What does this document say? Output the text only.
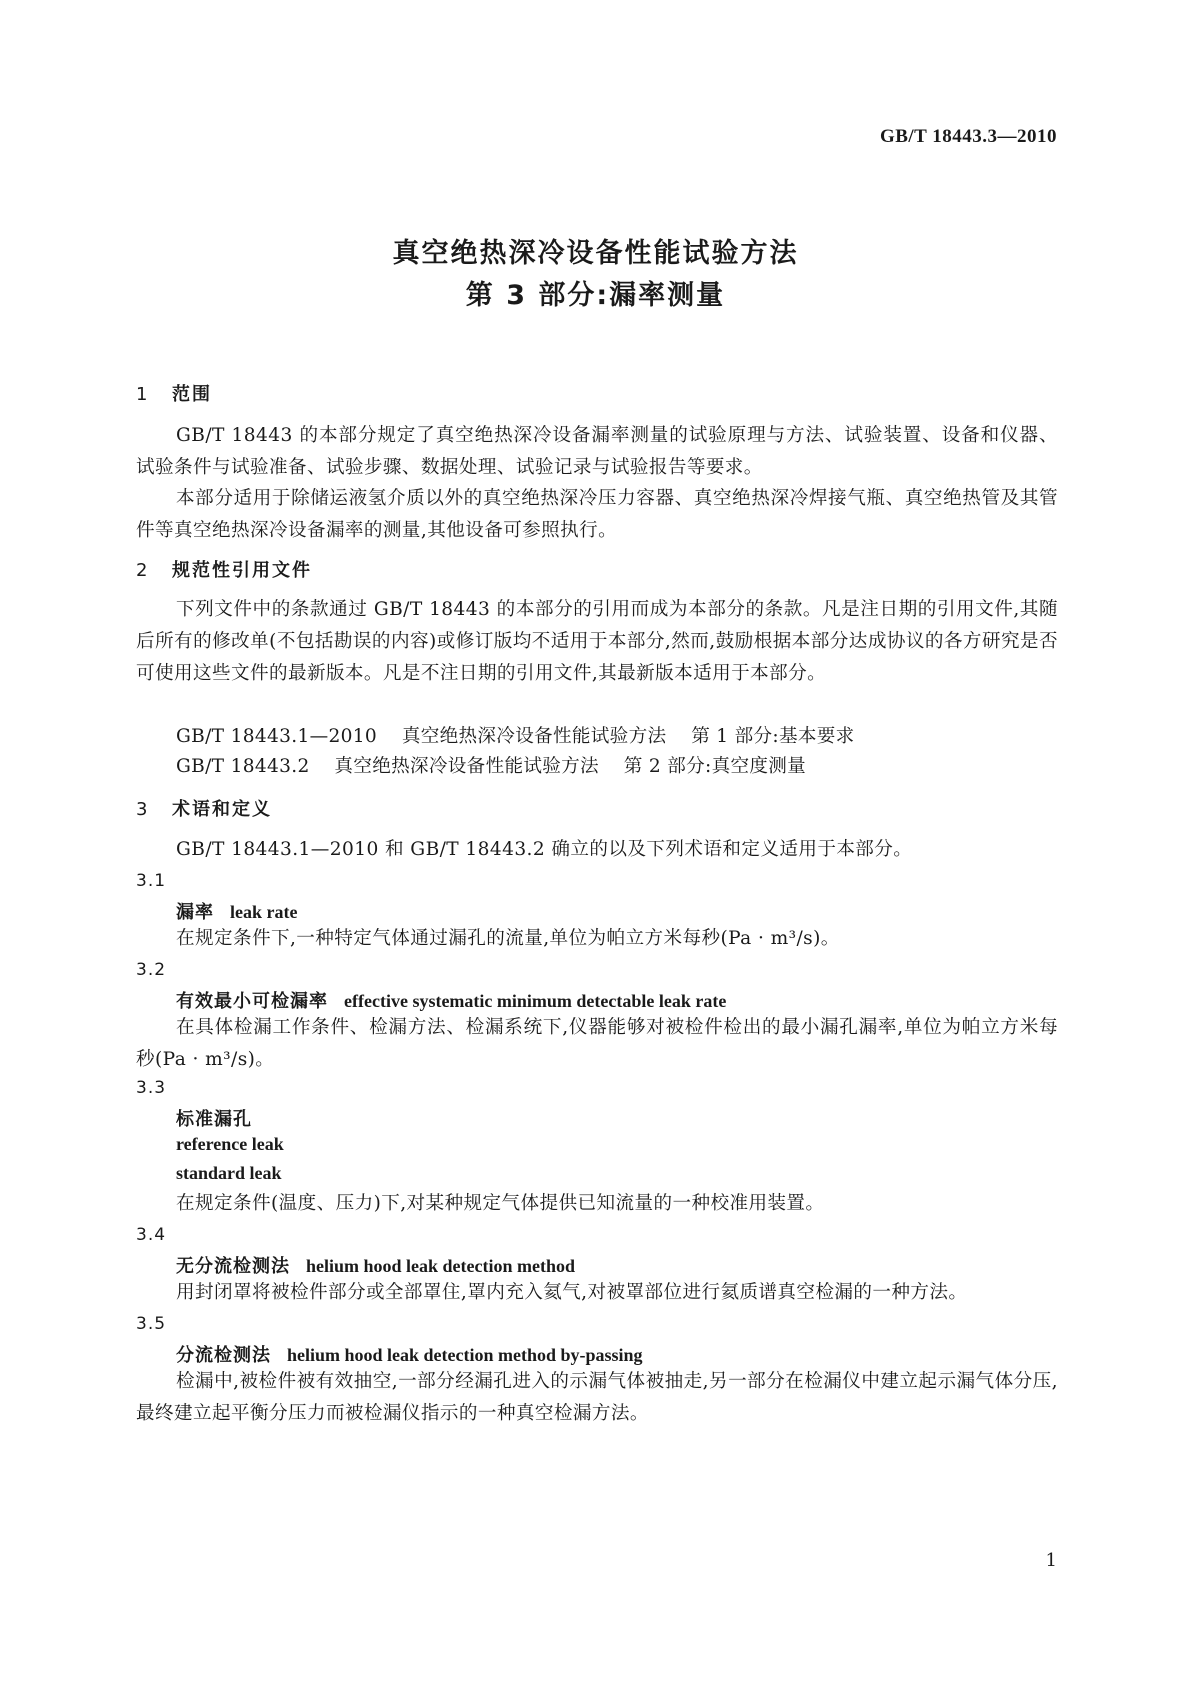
GB/T 18443.3—2010
真空绝热深冷设备性能试验方法
第 3 部分:漏率测量
1 范围
GB/T 18443 的本部分规定了真空绝热深冷设备漏率测量的试验原理与方法、试验装置、设备和仪器、试验条件与试验准备、试验步骤、数据处理、试验记录与试验报告等要求。
本部分适用于除储运液氢介质以外的真空绝热深冷压力容器、真空绝热深冷焊接气瓶、真空绝热管及其管件等真空绝热深冷设备漏率的测量,其他设备可参照执行。
2 规范性引用文件
下列文件中的条款通过 GB/T 18443 的本部分的引用而成为本部分的条款。凡是注日期的引用文件,其随后所有的修改单(不包括勘误的内容)或修订版均不适用于本部分,然而,鼓励根据本部分达成协议的各方研究是否可使用这些文件的最新版本。凡是不注日期的引用文件,其最新版本适用于本部分。
GB/T 18443.1—2010    真空绝热深冷设备性能试验方法    第 1 部分:基本要求
GB/T 18443.2    真空绝热深冷设备性能试验方法    第 2 部分:真空度测量
3 术语和定义
GB/T 18443.1—2010 和 GB/T 18443.2 确立的以及下列术语和定义适用于本部分。
3.1
漏率 leak rate
在规定条件下,一种特定气体通过漏孔的流量,单位为帕立方米每秒(Pa · m³/s)。
3.2
有效最小可检漏率 effective systematic minimum detectable leak rate
在具体检漏工作条件、检漏方法、检漏系统下,仪器能够对被检件检出的最小漏孔漏率,单位为帕立方米每秒(Pa · m³/s)。
3.3
标准漏孔
reference leak
standard leak
在规定条件(温度、压力)下,对某种规定气体提供已知流量的一种校准用装置。
3.4
无分流检测法 helium hood leak detection method
用封闭罩将被检件部分或全部罩住,罩内充入氦气,对被罩部位进行氦质谱真空检漏的一种方法。
3.5
分流检测法 helium hood leak detection method by-passing
检漏中,被检件被有效抽空,一部分经漏孔进入的示漏气体被抽走,另一部分在检漏仪中建立起示漏气体分压,最终建立起平衡分压力而被检漏仪指示的一种真空检漏方法。
1
